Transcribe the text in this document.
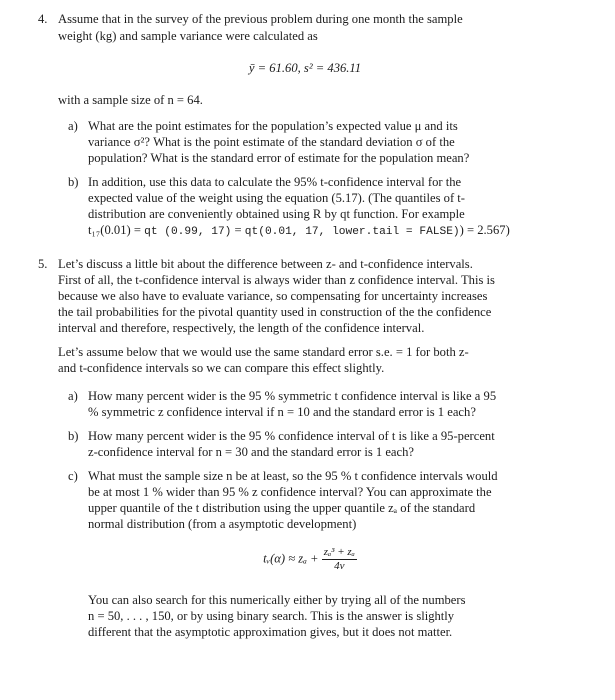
4. Assume that in the survey of the previous problem during one month the sample

weight (kg) and sample variance were calculated as

ȳ = 61.60, s² = 436.11

with a sample size of n = 64.

a) What are the point estimates for the population’s expected value μ and its

variance σ²? What is the point estimate of the standard deviation σ of the

population? What is the standard error of estimate for the population mean?

b) In addition, use this data to calculate the 95% t-confidence interval for the

expected value of the weight using the equation (5.17). (The quantiles of t-

distribution are conveniently obtained using R by qt function. For example

t₁₇(0.01) = qt (0.99, 17) = qt(0.01, 17, lower.tail = FALSE)) = 2.567)

5. Let’s discuss a little bit about the difference between z- and t-confidence intervals.

First of all, the t-confidence interval is always wider than z confidence interval. This is

because we also have to evaluate variance, so compensating for uncertainty increases

the tail probabilities for the pivotal quantity used in construction of the the confidence

interval and therefore, respectively, the length of the confidence interval.

Let’s assume below that we would use the same standard error s.e. = 1 for both z-

and t-confidence intervals so we can compare this effect slightly.

a) How many percent wider is the 95 % symmetric t confidence interval is like a 95

% symmetric z confidence interval if n = 10 and the standard error is 1 each?

b) How many percent wider is the 95 % confidence interval of t is like a 95-percent

z-confidence interval for n = 30 and the standard error is 1 each?

c) What must the sample size n be at least, so the 95 % t confidence intervals would

be at most 1 % wider than 95 % z confidence interval? You can approximate the

upper quantile of the t distribution using the upper quantile zₐ of the standard

normal distribution (from a asymptotic development)

tᵥ(α) ≈ $z_a + \frac{\text{zₐ³ + zₐ}}{4\nu}$

You can also search for this numerically either by trying all of the numbers

n = 50, . . . , 150, or by using binary search. This is the answer is slightly

different that the asymptotic approximation gives, but it does not matter.
